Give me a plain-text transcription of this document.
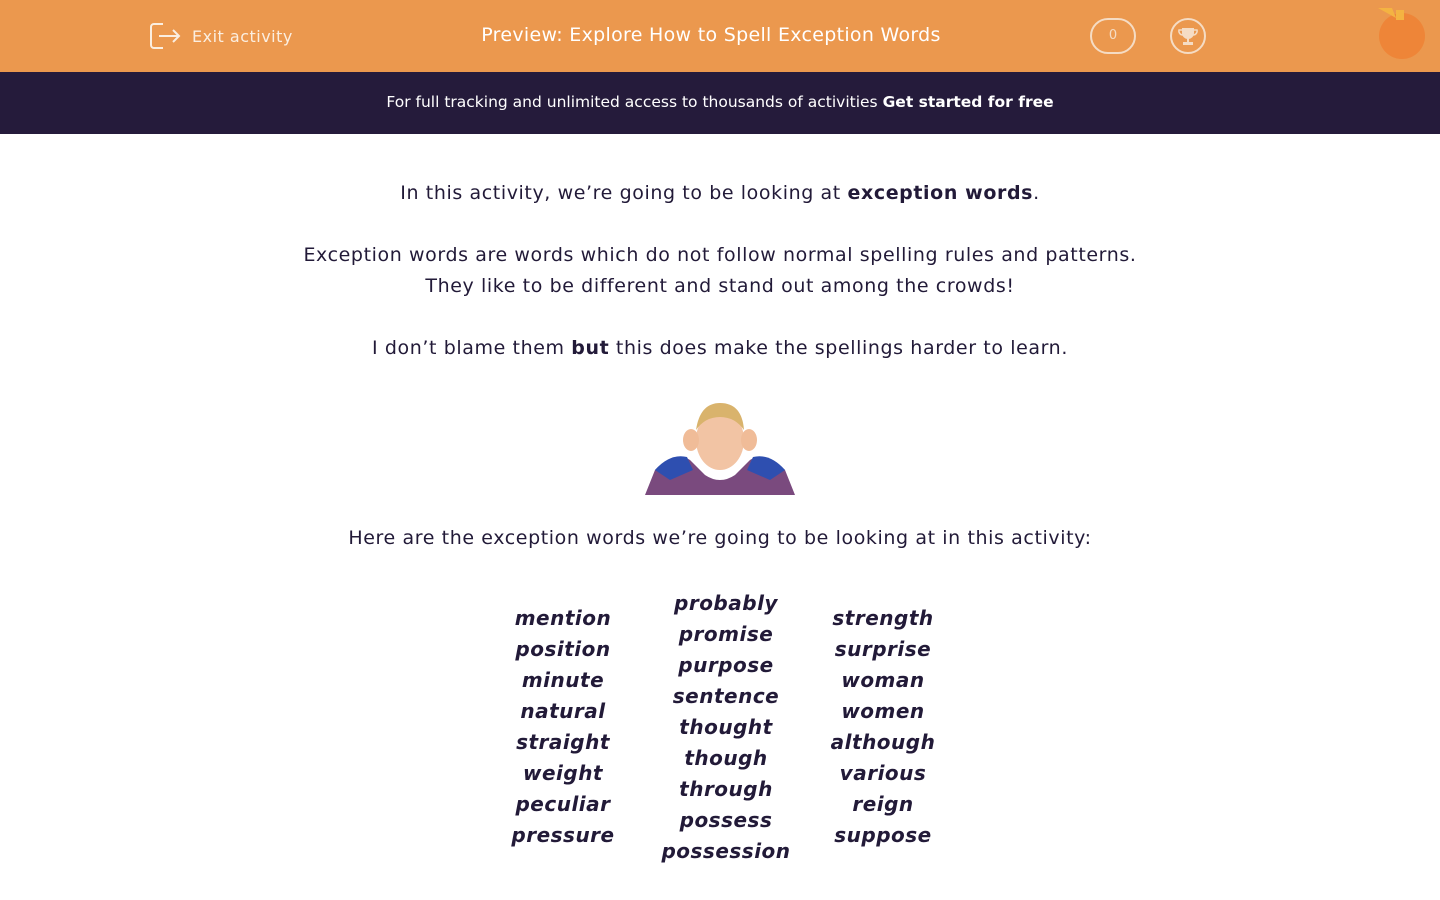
Exit activity	Preview: Explore How to Spell Exception Words	0
For full tracking and unlimited access to thousands of activities Get started for free

In this activity, we’re going to be looking at exception words.

Exception words are words which do not follow normal spelling rules and patterns.
They like to be different and stand out among the crowds!

I don’t blame them but this does make the spellings harder to learn.

Here are the exception words we’re going to be looking at in this activity:
mention
position
minute
natural
straight
weight
peculiar
pressure
probably
promise
purpose
sentence
thought
though
through
possess
possession
strength
surprise
woman
women
although
various
reign
suppose
